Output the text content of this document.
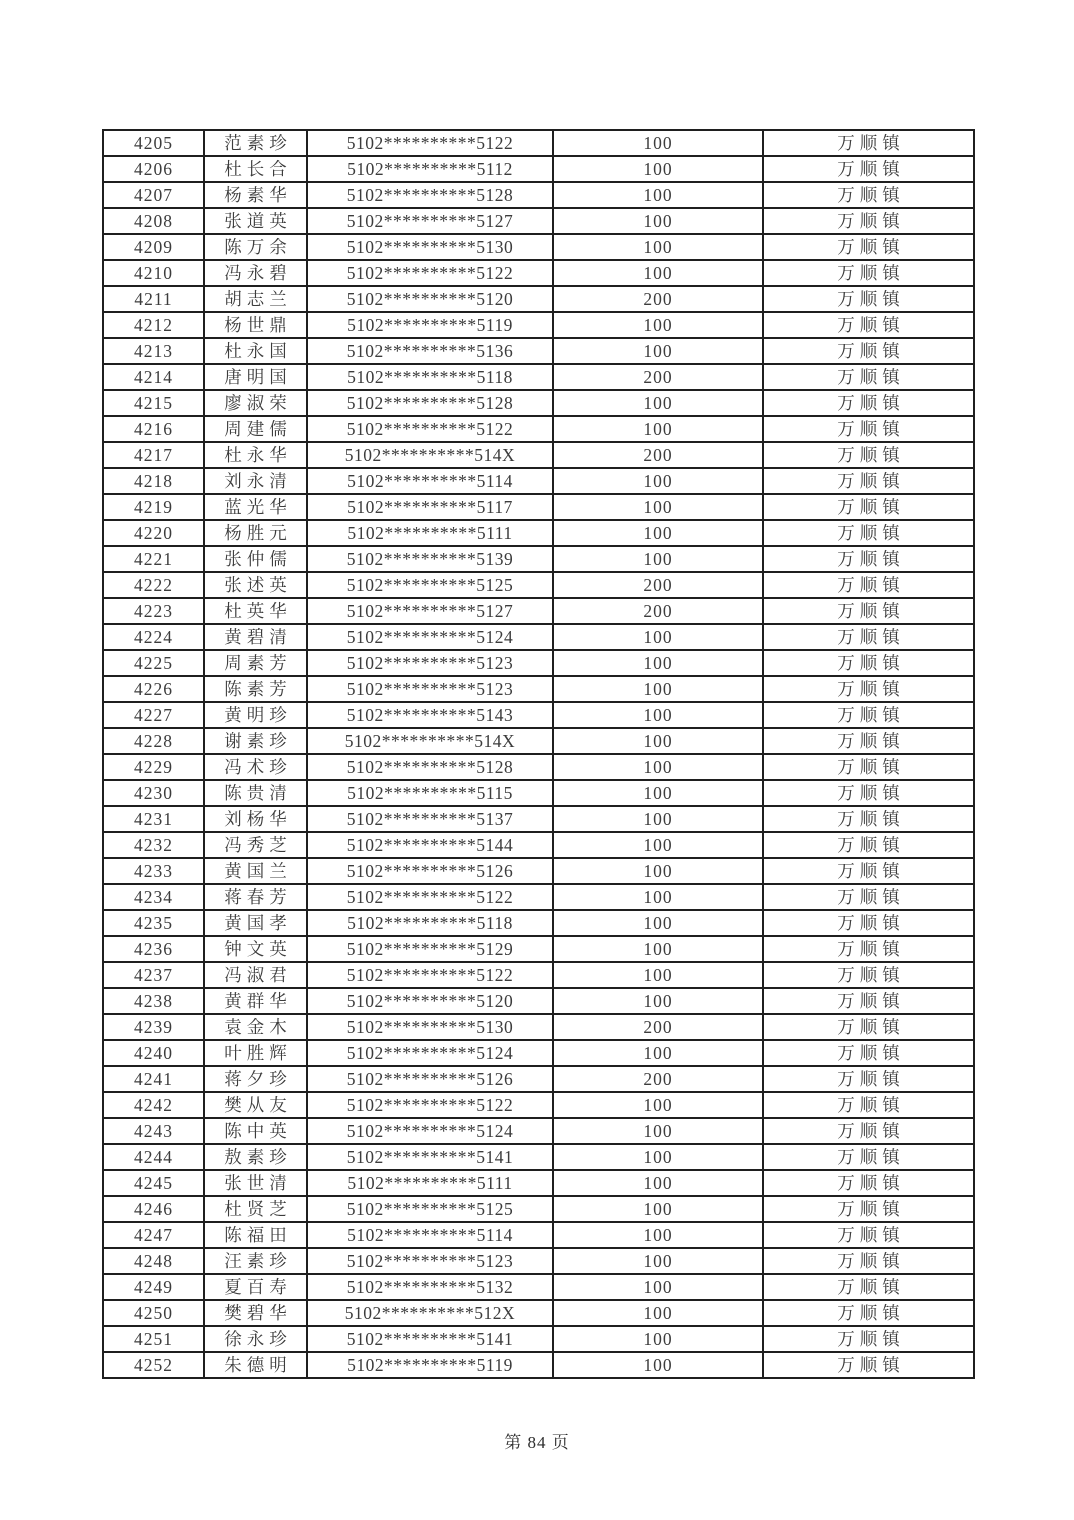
4205	范素珍	5102**********5122	100	万顺镇
4206	杜长合	5102**********5112	100	万顺镇
4207	杨素华	5102**********5128	100	万顺镇
4208	张道英	5102**********5127	100	万顺镇
4209	陈万余	5102**********5130	100	万顺镇
4210	冯永碧	5102**********5122	100	万顺镇
4211	胡志兰	5102**********5120	200	万顺镇
4212	杨世鼎	5102**********5119	100	万顺镇
4213	杜永国	5102**********5136	100	万顺镇
4214	唐明国	5102**********5118	200	万顺镇
4215	廖淑荣	5102**********5128	100	万顺镇
4216	周建儒	5102**********5122	100	万顺镇
4217	杜永华	5102**********514X	200	万顺镇
4218	刘永清	5102**********5114	100	万顺镇
4219	蓝光华	5102**********5117	100	万顺镇
4220	杨胜元	5102**********5111	100	万顺镇
4221	张仲儒	5102**********5139	100	万顺镇
4222	张述英	5102**********5125	200	万顺镇
4223	杜英华	5102**********5127	200	万顺镇
4224	黄碧清	5102**********5124	100	万顺镇
4225	周素芳	5102**********5123	100	万顺镇
4226	陈素芳	5102**********5123	100	万顺镇
4227	黄明珍	5102**********5143	100	万顺镇
4228	谢素珍	5102**********514X	100	万顺镇
4229	冯术珍	5102**********5128	100	万顺镇
4230	陈贵清	5102**********5115	100	万顺镇
4231	刘杨华	5102**********5137	100	万顺镇
4232	冯秀芝	5102**********5144	100	万顺镇
4233	黄国兰	5102**********5126	100	万顺镇
4234	蒋春芳	5102**********5122	100	万顺镇
4235	黄国孝	5102**********5118	100	万顺镇
4236	钟文英	5102**********5129	100	万顺镇
4237	冯淑君	5102**********5122	100	万顺镇
4238	黄群华	5102**********5120	100	万顺镇
4239	袁金木	5102**********5130	200	万顺镇
4240	叶胜辉	5102**********5124	100	万顺镇
4241	蒋夕珍	5102**********5126	200	万顺镇
4242	樊从友	5102**********5122	100	万顺镇
4243	陈中英	5102**********5124	100	万顺镇
4244	敖素珍	5102**********5141	100	万顺镇
4245	张世清	5102**********5111	100	万顺镇
4246	杜贤芝	5102**********5125	100	万顺镇
4247	陈福田	5102**********5114	100	万顺镇
4248	汪素珍	5102**********5123	100	万顺镇
4249	夏百寿	5102**********5132	100	万顺镇
4250	樊碧华	5102**********512X	100	万顺镇
4251	徐永珍	5102**********5141	100	万顺镇
4252	朱德明	5102**********5119	100	万顺镇
第 84 页
